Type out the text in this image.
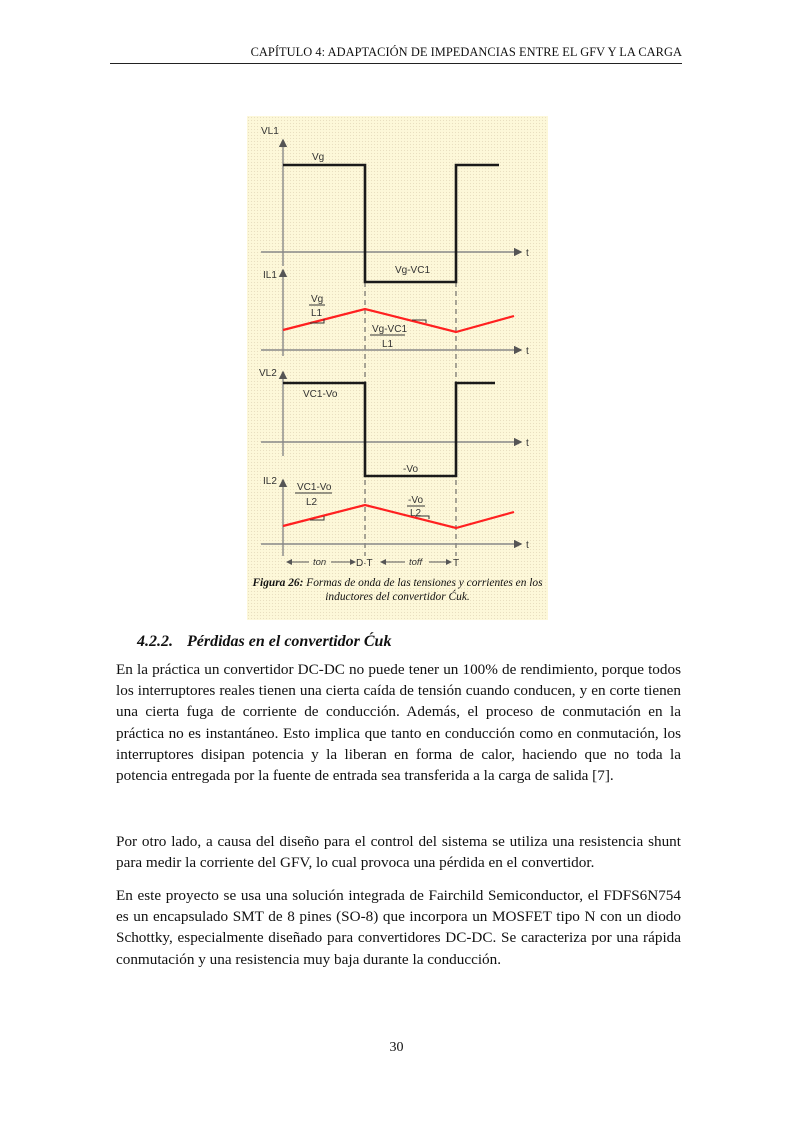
CAPÍTULO 4: ADAPTACIÓN DE IMPEDANCIAS ENTRE EL GFV Y LA CARGA
VL1
Vg
Vg-VC1
t
IL1
Vg
L1
Vg-VC1
L1
t
VL2
VC1-Vo
-Vo
t
IL2
VC1-Vo
L2	-Vo
L2
t
ton	D·T	toff	T
Figura 26: Formas de onda de las tensiones y corrientes en los inductores del convertidor Ćuk.
4.2.2. Pérdidas en el convertidor Ćuk

En la práctica un convertidor DC-DC no puede tener un 100% de rendimiento, porque todos los interruptores reales tienen una cierta caída de tensión cuando conducen, y en corte tienen una cierta fuga de corriente de conducción. Además, el proceso de conmutación en la práctica no es instantáneo. Esto implica que tanto en conducción como en conmutación, los interruptores disipan potencia y la liberan en forma de calor, haciendo que no toda la potencia entregada por la fuente de entrada sea transferida a la carga de salida [7].

Por otro lado, a causa del diseño para el control del sistema se utiliza una resistencia shunt para medir la corriente del GFV, lo cual provoca una pérdida en el convertidor.

En este proyecto se usa una solución integrada de Fairchild Semiconductor, el FDFS6N754 es un encapsulado SMT de 8 pines (SO-8) que incorpora un MOSFET tipo N con un diodo Schottky, especialmente diseñado para convertidores DC-DC. Se caracteriza por una rápida conmutación y una resistencia muy baja durante la conducción.

30
